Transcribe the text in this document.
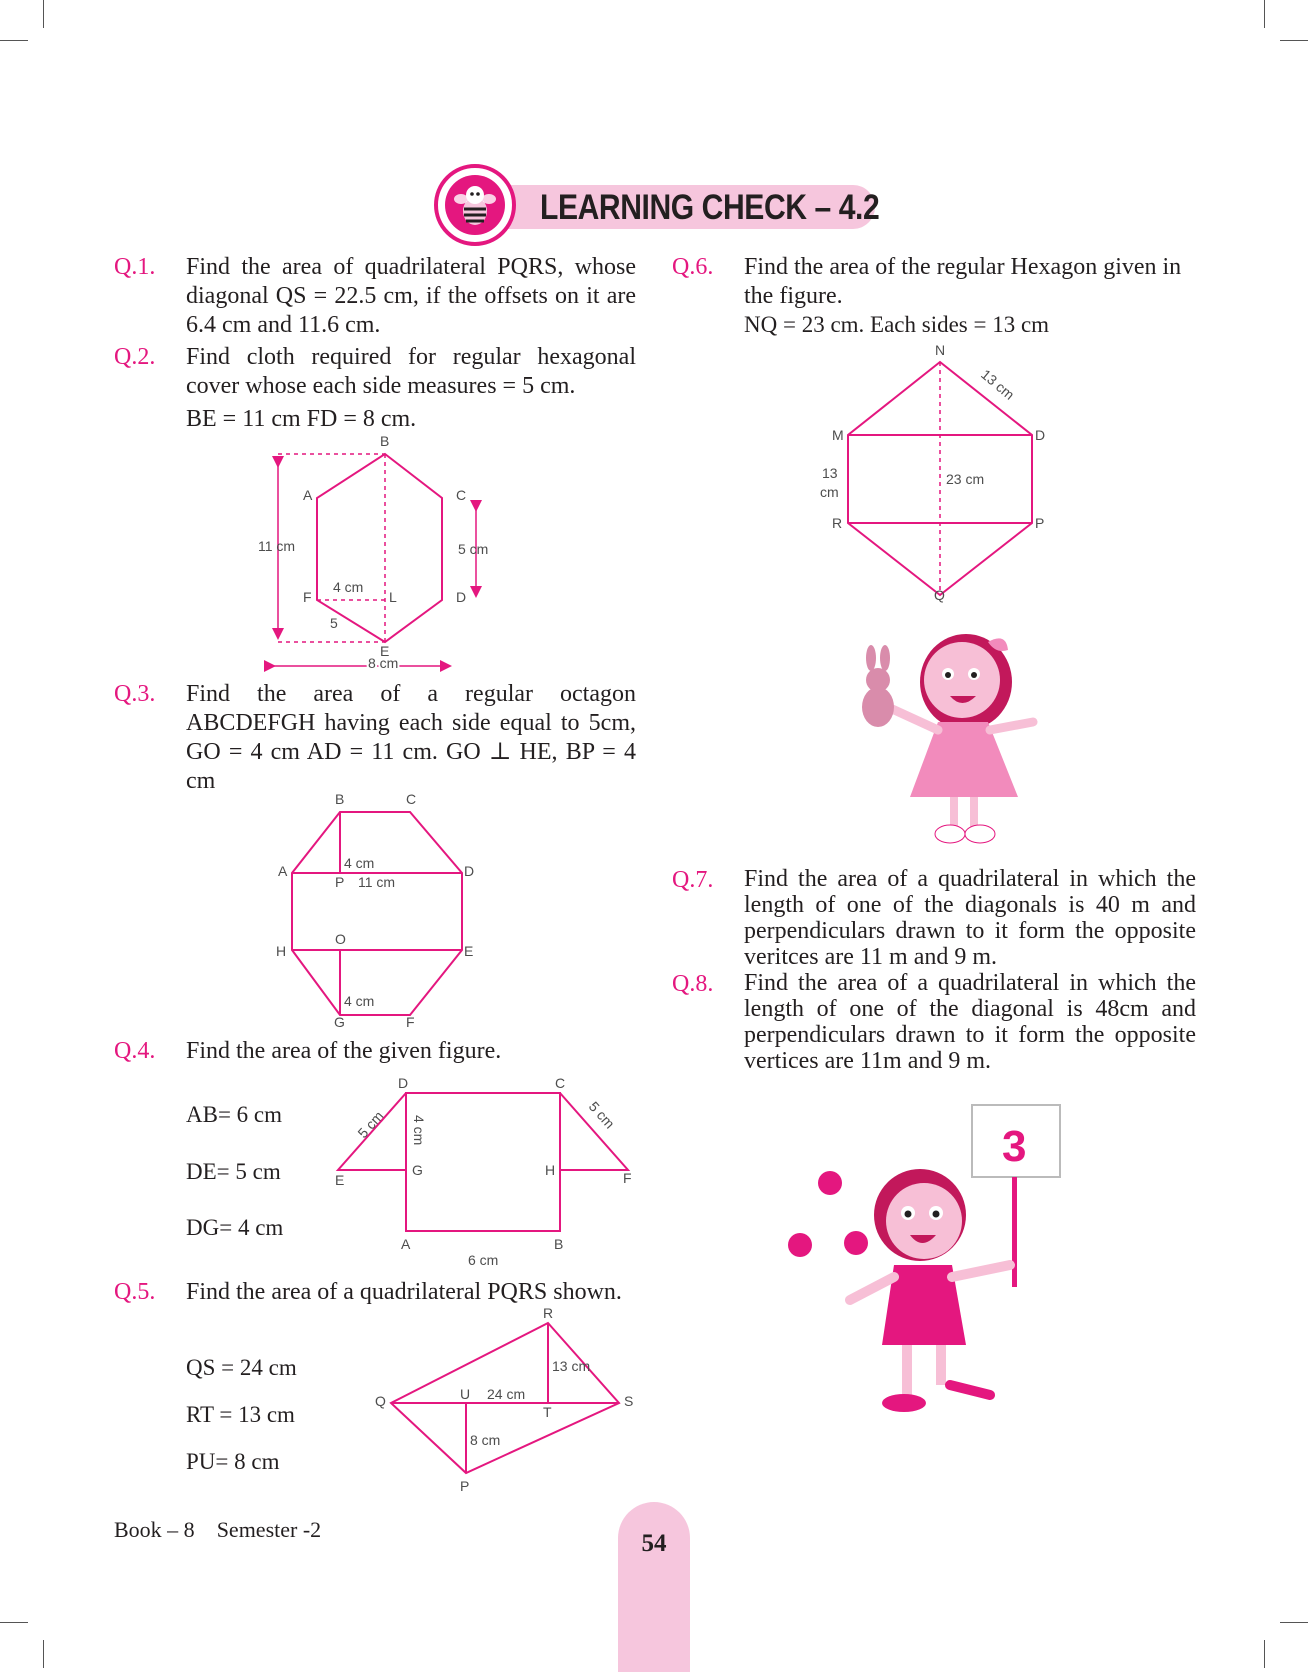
LEARNING CHECK – 4.2
Q.1. Find the area of quadrilateral PQRS, whose diagonal QS = 22.5 cm, if the offsets on it are 6.4 cm and 11.6 cm.
Q.2. Find cloth required for regular hexagonal cover whose each side measures = 5 cm.
BE = 11 cm FD = 8 cm.
B
A	C
F	L	D
E
11 cm	5 cm
4 cm
5
8 cm
Q.3. Find the area of a regular octagon ABCDEFGH having each side equal to 5cm, GO = 4 cm AD = 11 cm. GO ⊥ HE, BP = 4 cm
B	C
A	D
P
H
O
E
G	F
4 cm
11 cm
4 cm
Q.4. Find the area of the given figure.
AB= 6 cm
DE= 5 cm
DG= 4 cm
D	C
E
G	H	F
A	B
5 cm 4 cm	5 cm
6 cm
Q.5. Find the area of a quadrilateral PQRS shown.
QS = 24 cm
RT = 13 cm
PU= 8 cm
R
Q	S
U
T
P
24 cm
13 cm
8 cm
Q.6. Find the area of the regular Hexagon given in the figure.
NQ = 23 cm. Each sides = 13 cm
N
M	D
R	P
Q
13 cm
13
cm
23 cm
Q.7. Find the area of a quadrilateral in which the length of one of the diagonals is 40 m and perpendiculars drawn to it form the opposite veritces are 11 m and 9 m.
Q.8. Find the area of a quadrilateral in which the length of one of the diagonal is 48cm and perpendiculars drawn to it form the opposite vertices are 11m and 9 m.
3
Book – 8 Semester -2
54
